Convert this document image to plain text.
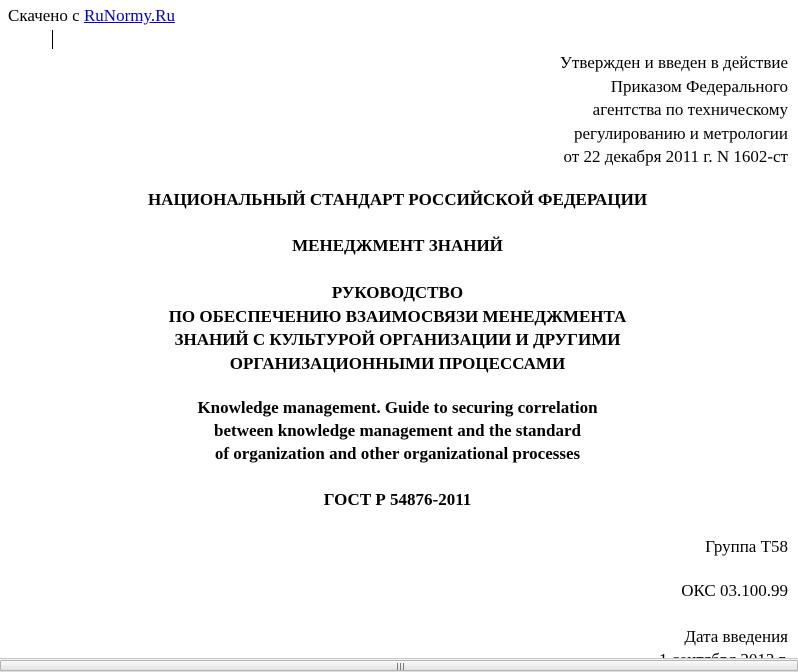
Скачено с RuNormy.Ru
Утвержден и введен в действие
Приказом Федерального
агентства по техническому
регулированию и метрологии
от 22 декабря 2011 г. N 1602-ст
НАЦИОНАЛЬНЫЙ СТАНДАРТ РОССИЙСКОЙ ФЕДЕРАЦИИ
МЕНЕДЖМЕНТ ЗНАНИЙ
РУКОВОДСТВО
ПО ОБЕСПЕЧЕНИЮ ВЗАИМОСВЯЗИ МЕНЕДЖМЕНТА
ЗНАНИЙ С КУЛЬТУРОЙ ОРГАНИЗАЦИИ И ДРУГИМИ
ОРГАНИЗАЦИОННЫМИ ПРОЦЕССАМИ
Knowledge management. Guide to securing correlation
between knowledge management and the standard
of organization and other organizational processes
ГОСТ Р 54876-2011
Группа Т58
ОКС 03.100.99
Дата введения
